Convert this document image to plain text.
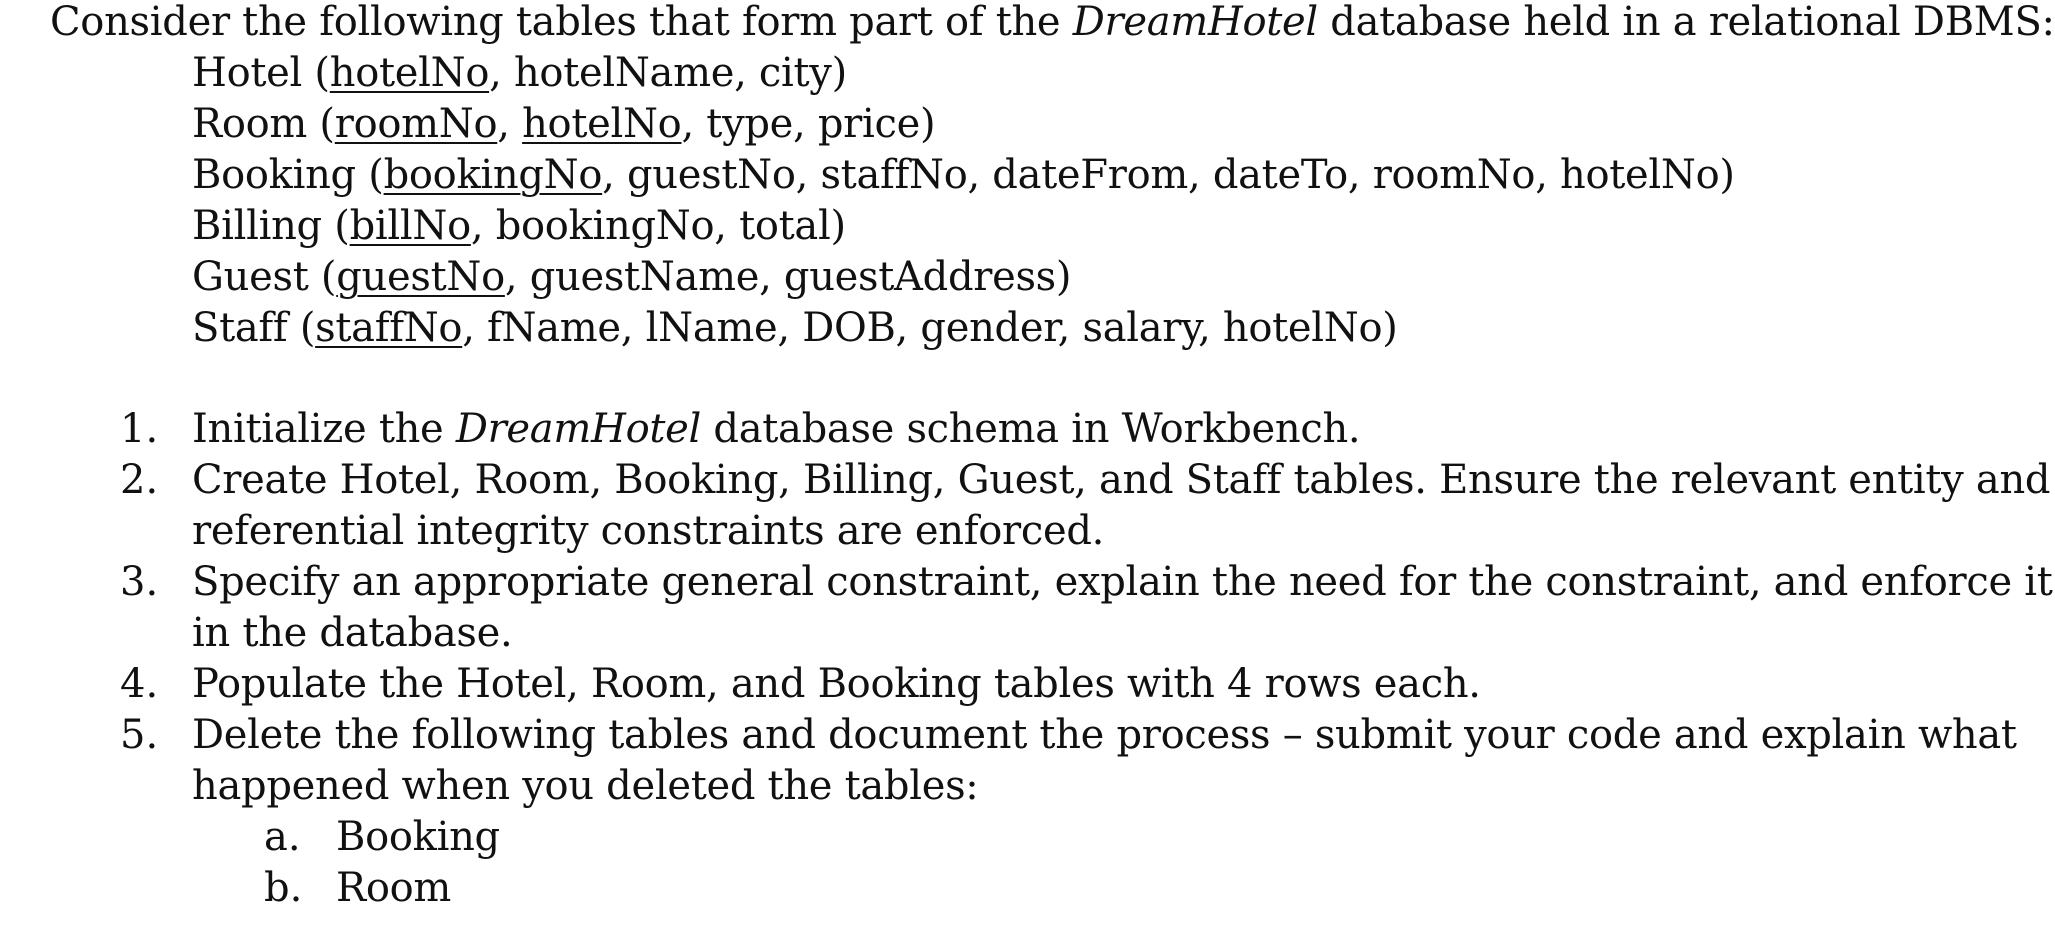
Consider the following tables that form part of the DreamHotel database held in a relational DBMS:
Hotel (hotelNo, hotelName, city)
Room (roomNo, hotelNo, type, price)
Booking (bookingNo, guestNo, staffNo, dateFrom, dateTo, roomNo, hotelNo)
Billing (billNo, bookingNo, total)
Guest (guestNo, guestName, guestAddress)
Staff (staffNo, fName, lName, DOB, gender, salary, hotelNo)
1. Initialize the DreamHotel database schema in Workbench.
2. Create Hotel, Room, Booking, Billing, Guest, and Staff tables. Ensure the relevant entity and
referential integrity constraints are enforced.
3. Specify an appropriate general constraint, explain the need for the constraint, and enforce it
in the database.
4. Populate the Hotel, Room, and Booking tables with 4 rows each.
5. Delete the following tables and document the process – submit your code and explain what
happened when you deleted the tables:
a. Booking
b. Room
